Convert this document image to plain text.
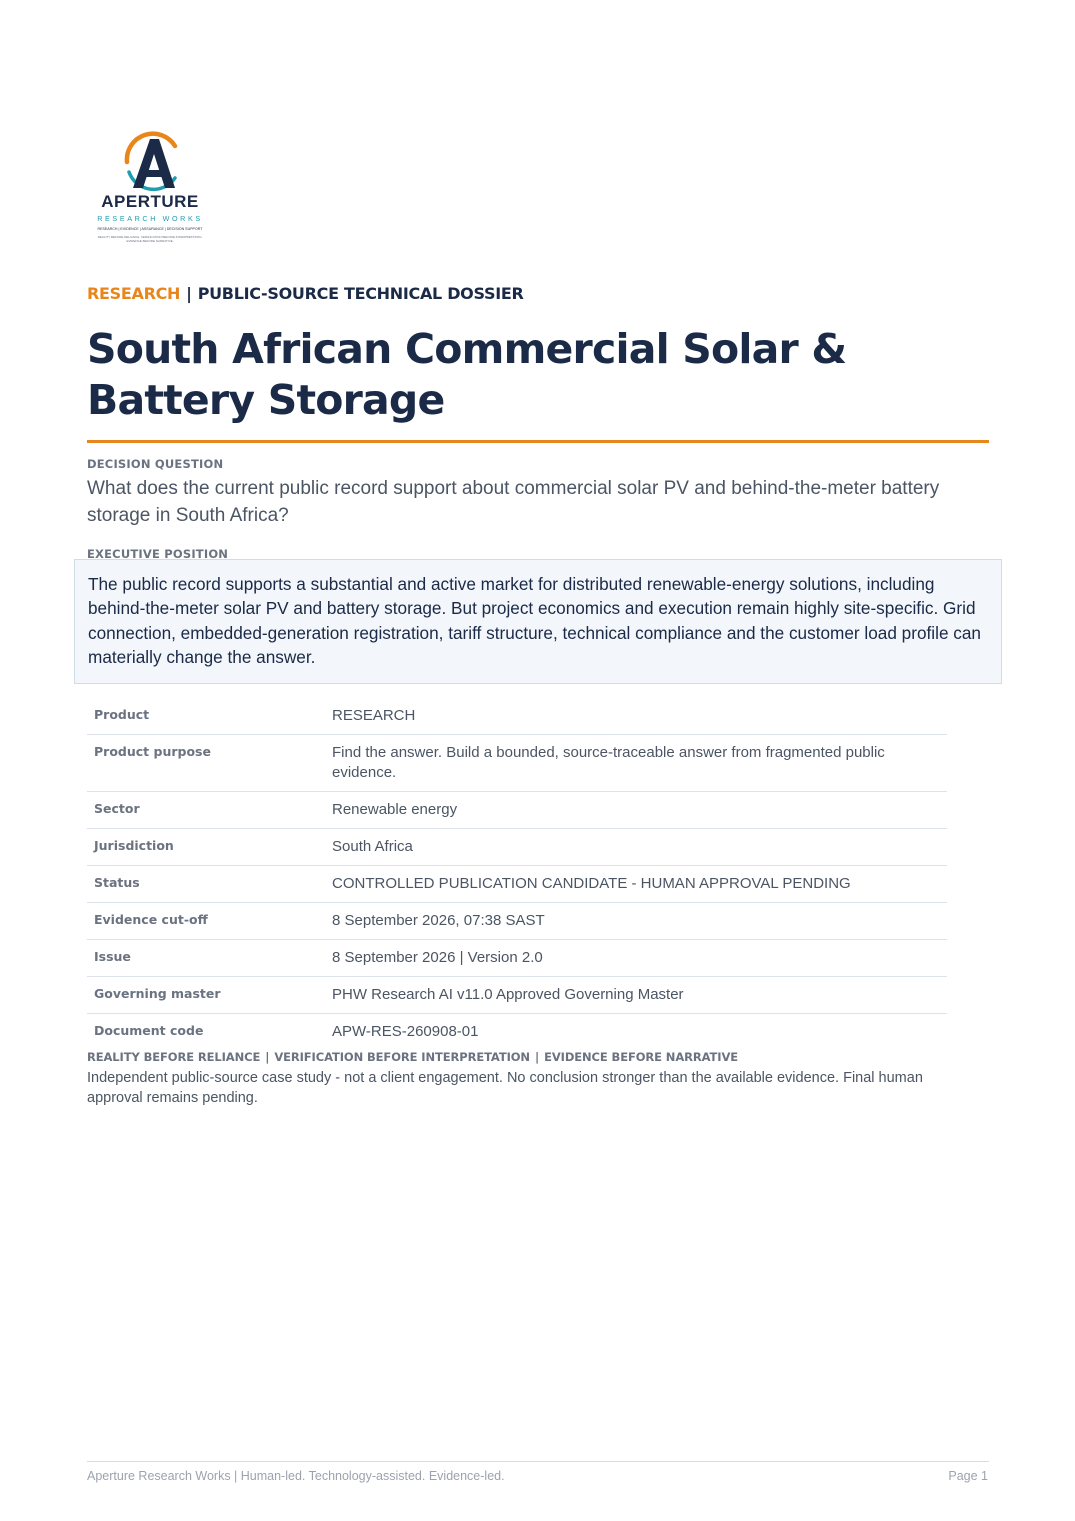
APERTURE
RESEARCH WORKS
RESEARCH | EVIDENCE | ASSURANCE | DECISION SUPPORT
REALITY BEFORE RELIANCE. VERIFICATION BEFORE INTERPRETATION. EVIDENCE BEFORE NARRATIVE.
RESEARCH | PUBLIC-SOURCE TECHNICAL DOSSIER
South African Commercial Solar & Battery Storage
DECISION QUESTION

What does the current public record support about commercial solar PV and behind-the-meter battery storage in South Africa?

EXECUTIVE POSITION

The public record supports a substantial and active market for distributed renewable-energy solutions, including behind-the-meter solar PV and battery storage. But project economics and execution remain highly site-specific. Grid connection, embedded-generation registration, tariff structure, technical compliance and the customer load profile can materially change the answer.

Product	RESEARCH
Product purpose	Find the answer. Build a bounded, source-traceable answer from fragmented public evidence.
Sector	Renewable energy
Jurisdiction	South Africa
Status	CONTROLLED PUBLICATION CANDIDATE - HUMAN APPROVAL PENDING
Evidence cut-off	8 September 2026, 07:38 SAST
Issue	8 September 2026 | Version 2.0
Governing master	PHW Research AI v11.0 Approved Governing Master
Document code	APW-RES-260908-01
REALITY BEFORE RELIANCE | VERIFICATION BEFORE INTERPRETATION | EVIDENCE BEFORE NARRATIVE

Independent public-source case study - not a client engagement. No conclusion stronger than the available evidence. Final human approval remains pending.

Aperture Research Works | Human-led. Technology-assisted. Evidence-led.	Page 1
